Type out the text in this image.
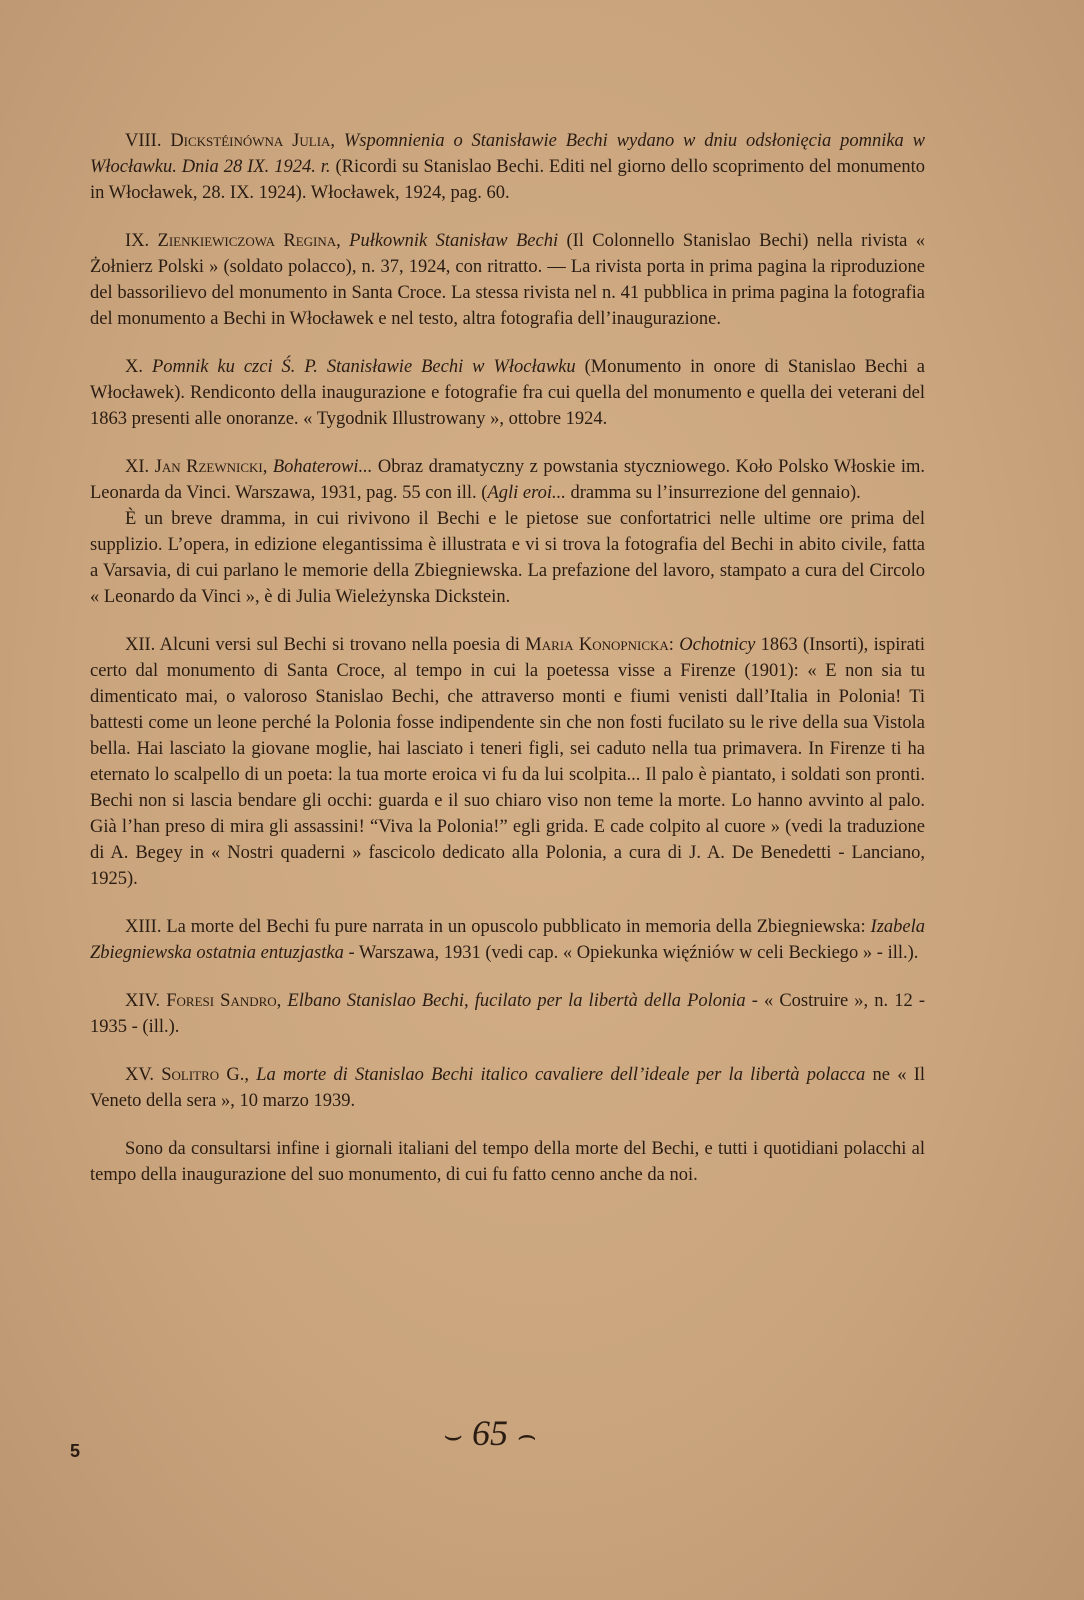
VIII. Dickstéinówna Julia, Wspomnienia o Stanisławie Bechi wydano w dniu odsłonięcia pomnika w Włocławku. Dnia 28 IX. 1924. r. (Ricordi su Stanislao Bechi. Editi nel giorno dello scoprimento del monumento in Włocławek, 28. IX. 1924). Włocławek, 1924, pag. 60.

IX. Zienkiewiczowa Regina, Pułkownik Stanisław Bechi (Il Colonnello Stanislao Bechi) nella rivista « Żołnierz Polski » (soldato polacco), n. 37, 1924, con ritratto. — La rivista porta in prima pagina la riproduzione del bassorilievo del monumento in Santa Croce. La stessa rivista nel n. 41 pubblica in prima pagina la fotografia del monumento a Bechi in Włocławek e nel testo, altra fotografia dell’inaugurazione.

X. Pomnik ku czci Ś. P. Stanisławie Bechi w Włocławku (Monumento in onore di Stanislao Bechi a Włocławek). Rendiconto della inaugurazione e fotografie fra cui quella del monumento e quella dei veterani del 1863 presenti alle onoranze. « Tygodnik Illustrowany », ottobre 1924.

XI. Jan Rzewnicki, Bohaterowi... Obraz dramatyczny z powstania styczniowego. Koło Polsko Włoskie im. Leonarda da Vinci. Warszawa, 1931, pag. 55 con ill. (Agli eroi... dramma su l’insurrezione del gennaio).

È un breve dramma, in cui rivivono il Bechi e le pietose sue confortatrici nelle ultime ore prima del supplizio. L’opera, in edizione elegantissima è illustrata e vi si trova la fotografia del Bechi in abito civile, fatta a Varsavia, di cui parlano le memorie della Zbiegniewska. La prefazione del lavoro, stampato a cura del Circolo « Leonardo da Vinci », è di Julia Wieleżynska Dickstein.

XII. Alcuni versi sul Bechi si trovano nella poesia di Maria Konopnicka: Ochotnicy 1863 (Insorti), ispirati certo dal monumento di Santa Croce, al tempo in cui la poetessa visse a Firenze (1901): « E non sia tu dimenticato mai, o valoroso Stanislao Bechi, che attraverso monti e fiumi venisti dall’Italia in Polonia! Ti battesti come un leone perché la Polonia fosse indipendente sin che non fosti fucilato su le rive della sua Vistola bella. Hai lasciato la giovane moglie, hai lasciato i teneri figli, sei caduto nella tua primavera. In Firenze ti ha eternato lo scalpello di un poeta: la tua morte eroica vi fu da lui scolpita... Il palo è piantato, i soldati son pronti. Bechi non si lascia bendare gli occhi: guarda e il suo chiaro viso non teme la morte. Lo hanno avvinto al palo. Già l’han preso di mira gli assassini! “Viva la Polonia!” egli grida. E cade colpito al cuore » (vedi la traduzione di A. Begey in « Nostri quaderni » fascicolo dedicato alla Polonia, a cura di J. A. De Benedetti - Lanciano, 1925).

XIII. La morte del Bechi fu pure narrata in un opuscolo pubblicato in memoria della Zbiegniewska: Izabela Zbiegniewska ostatnia entuzjastka - Warszawa, 1931 (vedi cap. « Opiekunka więźniów w celi Beckiego » - ill.).

XIV. Foresi Sandro, Elbano Stanislao Bechi, fucilato per la libertà della Polonia - « Costruire », n. 12 - 1935 - (ill.).

XV. Solitro G., La morte di Stanislao Bechi italico cavaliere dell’ideale per la libertà polacca ne « Il Veneto della sera », 10 marzo 1939.

Sono da consultarsi infine i giornali italiani del tempo della morte del Bechi, e tutti i quotidiani polacchi al tempo della inaugurazione del suo monumento, di cui fu fatto cenno anche da noi.

5	⌣ 65 ⌢
